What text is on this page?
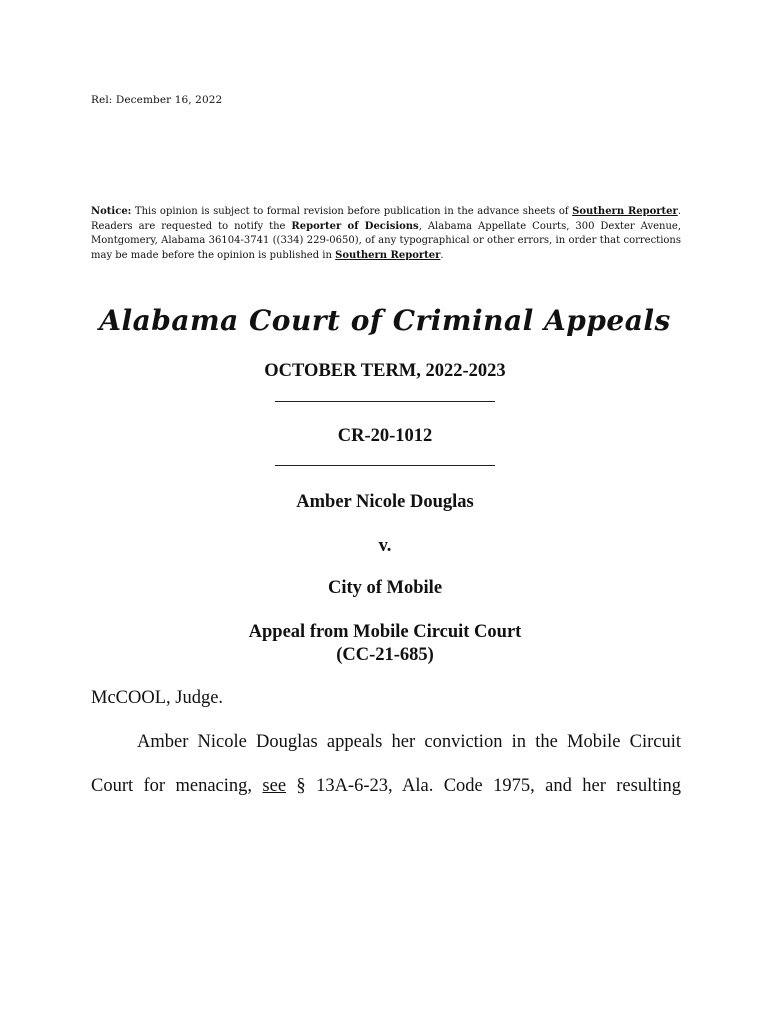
Rel: December 16, 2022
Notice: This opinion is subject to formal revision before publication in the advance sheets of Southern Reporter. Readers are requested to notify the Reporter of Decisions, Alabama Appellate Courts, 300 Dexter Avenue, Montgomery, Alabama 36104-3741 ((334) 229-0650), of any typographical or other errors, in order that corrections may be made before the opinion is published in Southern Reporter.
Alabama Court of Criminal Appeals
OCTOBER TERM, 2022-2023
CR-20-1012
Amber Nicole Douglas
v.
City of Mobile
Appeal from Mobile Circuit Court
(CC-21-685)
McCOOL, Judge.
Amber Nicole Douglas appeals her conviction in the Mobile Circuit
Court for menacing, see § 13A-6-23, Ala. Code 1975, and her resulting
